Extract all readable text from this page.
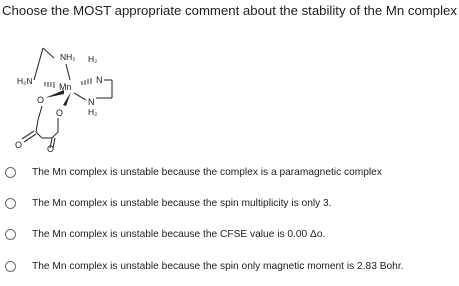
Choose the MOST appropriate comment about the stability of the Mn complex
NH₂ H₂
N
H₂N
Mn
N
H₂
O
O
O	O
The Mn complex is unstable because the complex is a paramagnetic complex
The Mn complex is unstable because the spin multiplicity is only 3.
The Mn complex is unstable because the CFSE value is 0.00 Δo.
The Mn complex is unstable because the spin only magnetic moment is 2.83 Bohr.
